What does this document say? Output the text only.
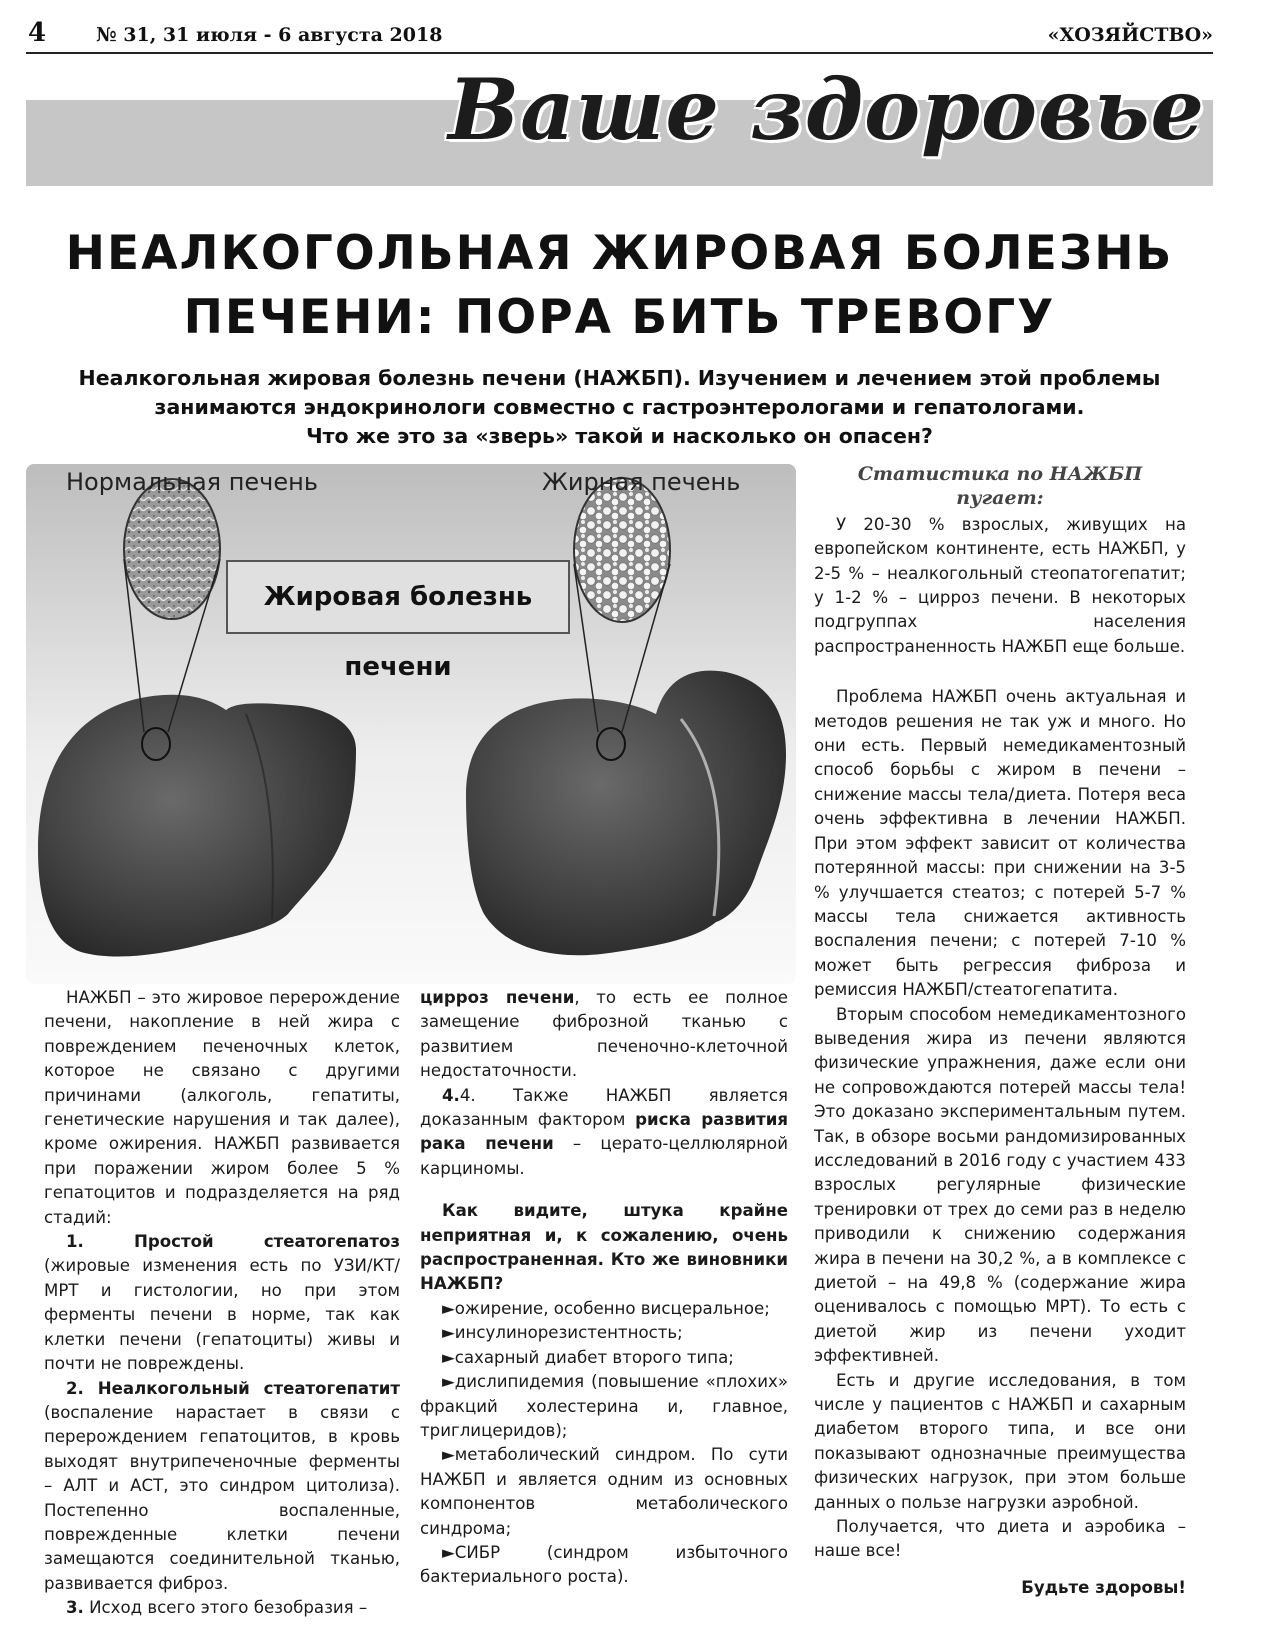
4	№ 31, 31 июля - 6 августа 2018	«ХОЗЯЙСТВО»
Ваше здоровье
НЕАЛКОГОЛЬНАЯ ЖИРОВАЯ БОЛЕЗНЬ
ПЕЧЕНИ: ПОРА БИТЬ ТРЕВОГУ
Неалкогольная жировая болезнь печени (НАЖБП). Изучением и лечением этой проблемы
занимаются эндокринологи совместно с гастроэнтерологами и гепатологами.
Что же это за «зверь» такой и насколько он опасен?
Нормальная печень	Жирная печень
Жировая болезнь печени

НАЖБП – это жировое перерождение печени, накопление в ней жира с повреждением печеночных клеток, которое не связано с другими причинами (алкоголь, гепатиты, генетические нарушения и так далее), кроме ожирения. НАЖБП развивается при поражении жиром более 5 % гепатоцитов и подразделяется на ряд стадий:

1. Простой стеатогепатоз (жировые изменения есть по УЗИ/КТ/МРТ и гистологии, но при этом ферменты печени в норме, так как клетки печени (гепатоциты) живы и почти не повреждены.

2. Неалкогольный стеатогепатит (воспаление нарастает в связи с перерождением гепатоцитов, в кровь выходят внутрипеченочные ферменты – АЛТ и АСТ, это синдром цитолиза). Постепенно воспаленные, поврежденные клетки печени замещаются соединительной тканью, развивается фиброз.

3. Исход всего этого безобразия –

цирроз печени, то есть ее полное замещение фиброзной тканью с развитием печеночно-клеточной недостаточности.

4.4. Также НАЖБП является доказанным фактором риска развития рака печени – церато-целлюлярной карциномы.

Как видите, штука крайне неприятная и, к сожалению, очень распространенная. Кто же виновники НАЖБП?

►ожирение, особенно висцеральное;

►инсулинорезистентность;

►сахарный диабет второго типа;

►дислипидемия (повышение «плохих» фракций холестерина и, главное, триглицеридов);

►метаболический синдром. По сути НАЖБП и является одним из основных компонентов метаболического синдрома;

►СИБР (синдром избыточного бактериального роста).

Статистика по НАЖБП пугает:

У 20-30 % взрослых, живущих на европейском континенте, есть НАЖБП, у 2-5 % – неалкогольный стеопатогепатит; у 1-2 % – цирроз печени. В некоторых подгруппах населения распространенность НАЖБП еще больше.

Проблема НАЖБП очень актуальная и методов решения не так уж и много. Но они есть. Первый немедикаментозный способ борьбы с жиром в печени – снижение массы тела/диета. Потеря веса очень эффективна в лечении НАЖБП. При этом эффект зависит от количества потерянной массы: при снижении на 3-5 % улучшается стеатоз; с потерей 5-7 % массы тела снижается активность воспаления печени; с потерей 7-10 % может быть регрессия фиброза и ремиссия НАЖБП/стеатогепатита.

Вторым способом немедикаментозного выведения жира из печени являются физические упражнения, даже если они не сопровождаются потерей массы тела! Это доказано экспериментальным путем. Так, в обзоре восьми рандомизированных исследований в 2016 году с участием 433 взрослых регулярные физические тренировки от трех до семи раз в неделю приводили к снижению содержания жира в печени на 30,2 %, а в комплексе с диетой – на 49,8 % (содержание жира оценивалось с помощью МРТ). То есть с диетой жир из печени уходит эффективней.

Есть и другие исследования, в том числе у пациентов с НАЖБП и сахарным диабетом второго типа, и все они показывают однозначные преимущества физических нагрузок, при этом больше данных о пользе нагрузки аэробной.

Получается, что диета и аэробика – наше все!

Будьте здоровы!
